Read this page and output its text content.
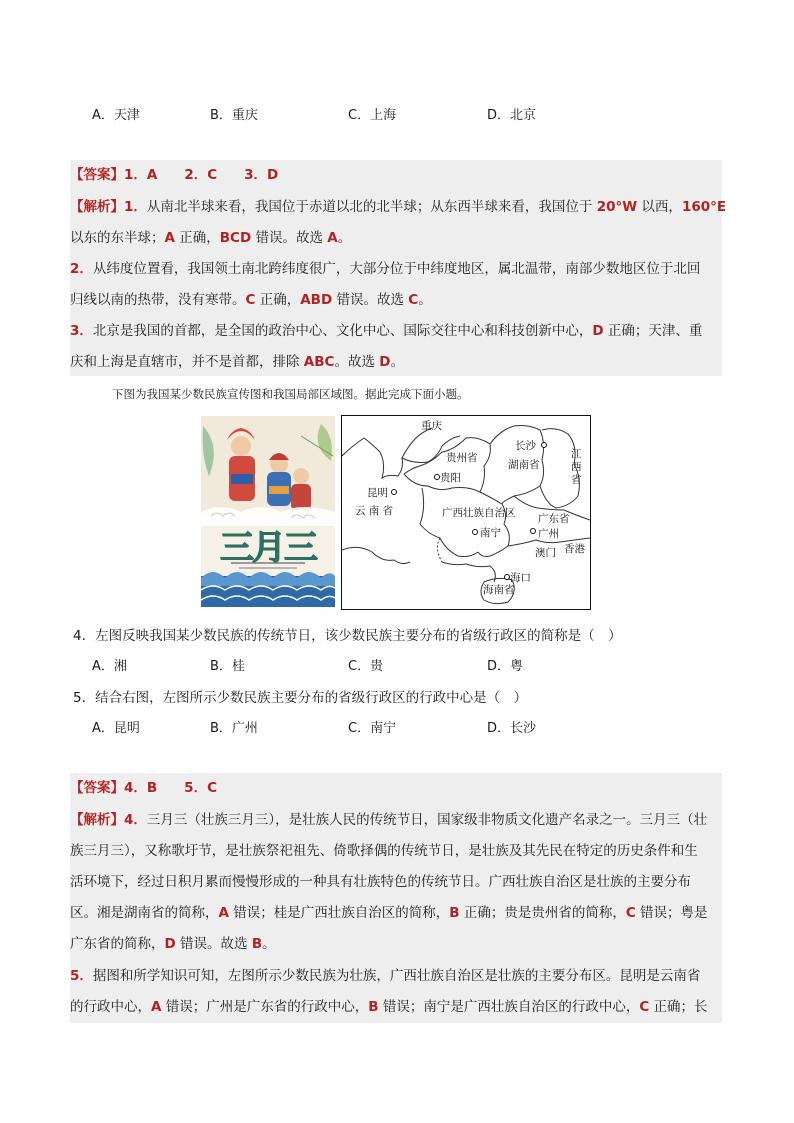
A．天津	B．重庆	C．上海	D．北京
【答案】1．A　　2．C　　3．D
【解析】1．从南北半球来看，我国位于赤道以北的北半球；从东西半球来看，我国位于 20°W 以西，160°E
以东的东半球；A 正确，BCD 错误。故选 A。
2．从纬度位置看，我国领土南北跨纬度很广，大部分位于中纬度地区，属北温带，南部少数地区位于北回
归线以南的热带，没有寒带。C 正确，ABD 错误。故选 C。
3．北京是我国的首都，是全国的政治中心、文化中心、国际交往中心和科技创新中心，D 正确；天津、重
庆和上海是直辖市，并不是首都，排除 ABC。故选 D。
下图为我国某少数民族宣传图和我国局部区域图。据此完成下面小题。
三月三
重庆
贵州省
贵阳
长沙
湖南省
江西省
昆明
云 南 省	广西壮族自治区
南宁
广东省
广州
澳门 香港
海口
海南省
4．左图反映我国某少数民族的传统节日，该少数民族主要分布的省级行政区的简称是（　）
A．湘	B．桂	C．贵	D．粤
5．结合右图，左图所示少数民族主要分布的省级行政区的行政中心是（　）
A．昆明	B．广州	C．南宁	D．长沙
【答案】4．B　　5．C
【解析】4．三月三（壮族三月三），是壮族人民的传统节日，国家级非物质文化遗产名录之一。三月三（壮
族三月三），又称歌圩节，是壮族祭祀祖先、倚歌择偶的传统节日，是壮族及其先民在特定的历史条件和生
活环境下，经过日积月累而慢慢形成的一种具有壮族特色的传统节日。广西壮族自治区是壮族的主要分布
区。湘是湖南省的简称，A 错误；桂是广西壮族自治区的简称，B 正确；贵是贵州省的简称，C 错误；粤是
广东省的简称，D 错误。故选 B。
5．据图和所学知识可知，左图所示少数民族为壮族，广西壮族自治区是壮族的主要分布区。昆明是云南省
的行政中心，A 错误；广州是广东省的行政中心，B 错误；南宁是广西壮族自治区的行政中心，C 正确；长
